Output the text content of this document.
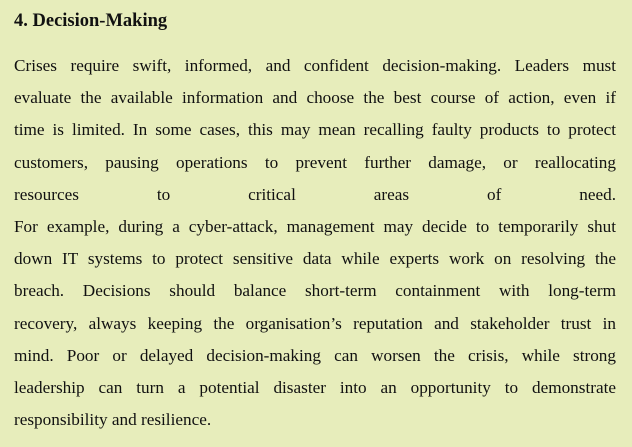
4. Decision-Making
Crises require swift, informed, and confident decision-making. Leaders must
evaluate the available information and choose the best course of action, even if
time is limited. In some cases, this may mean recalling faulty products to protect
customers, pausing operations to prevent further damage, or reallocating
resources to critical areas of need.
For example, during a cyber-attack, management may decide to temporarily shut
down IT systems to protect sensitive data while experts work on resolving the
breach. Decisions should balance short-term containment with long-term
recovery, always keeping the organisation’s reputation and stakeholder trust in
mind. Poor or delayed decision-making can worsen the crisis, while strong
leadership can turn a potential disaster into an opportunity to demonstrate
responsibility and resilience.
